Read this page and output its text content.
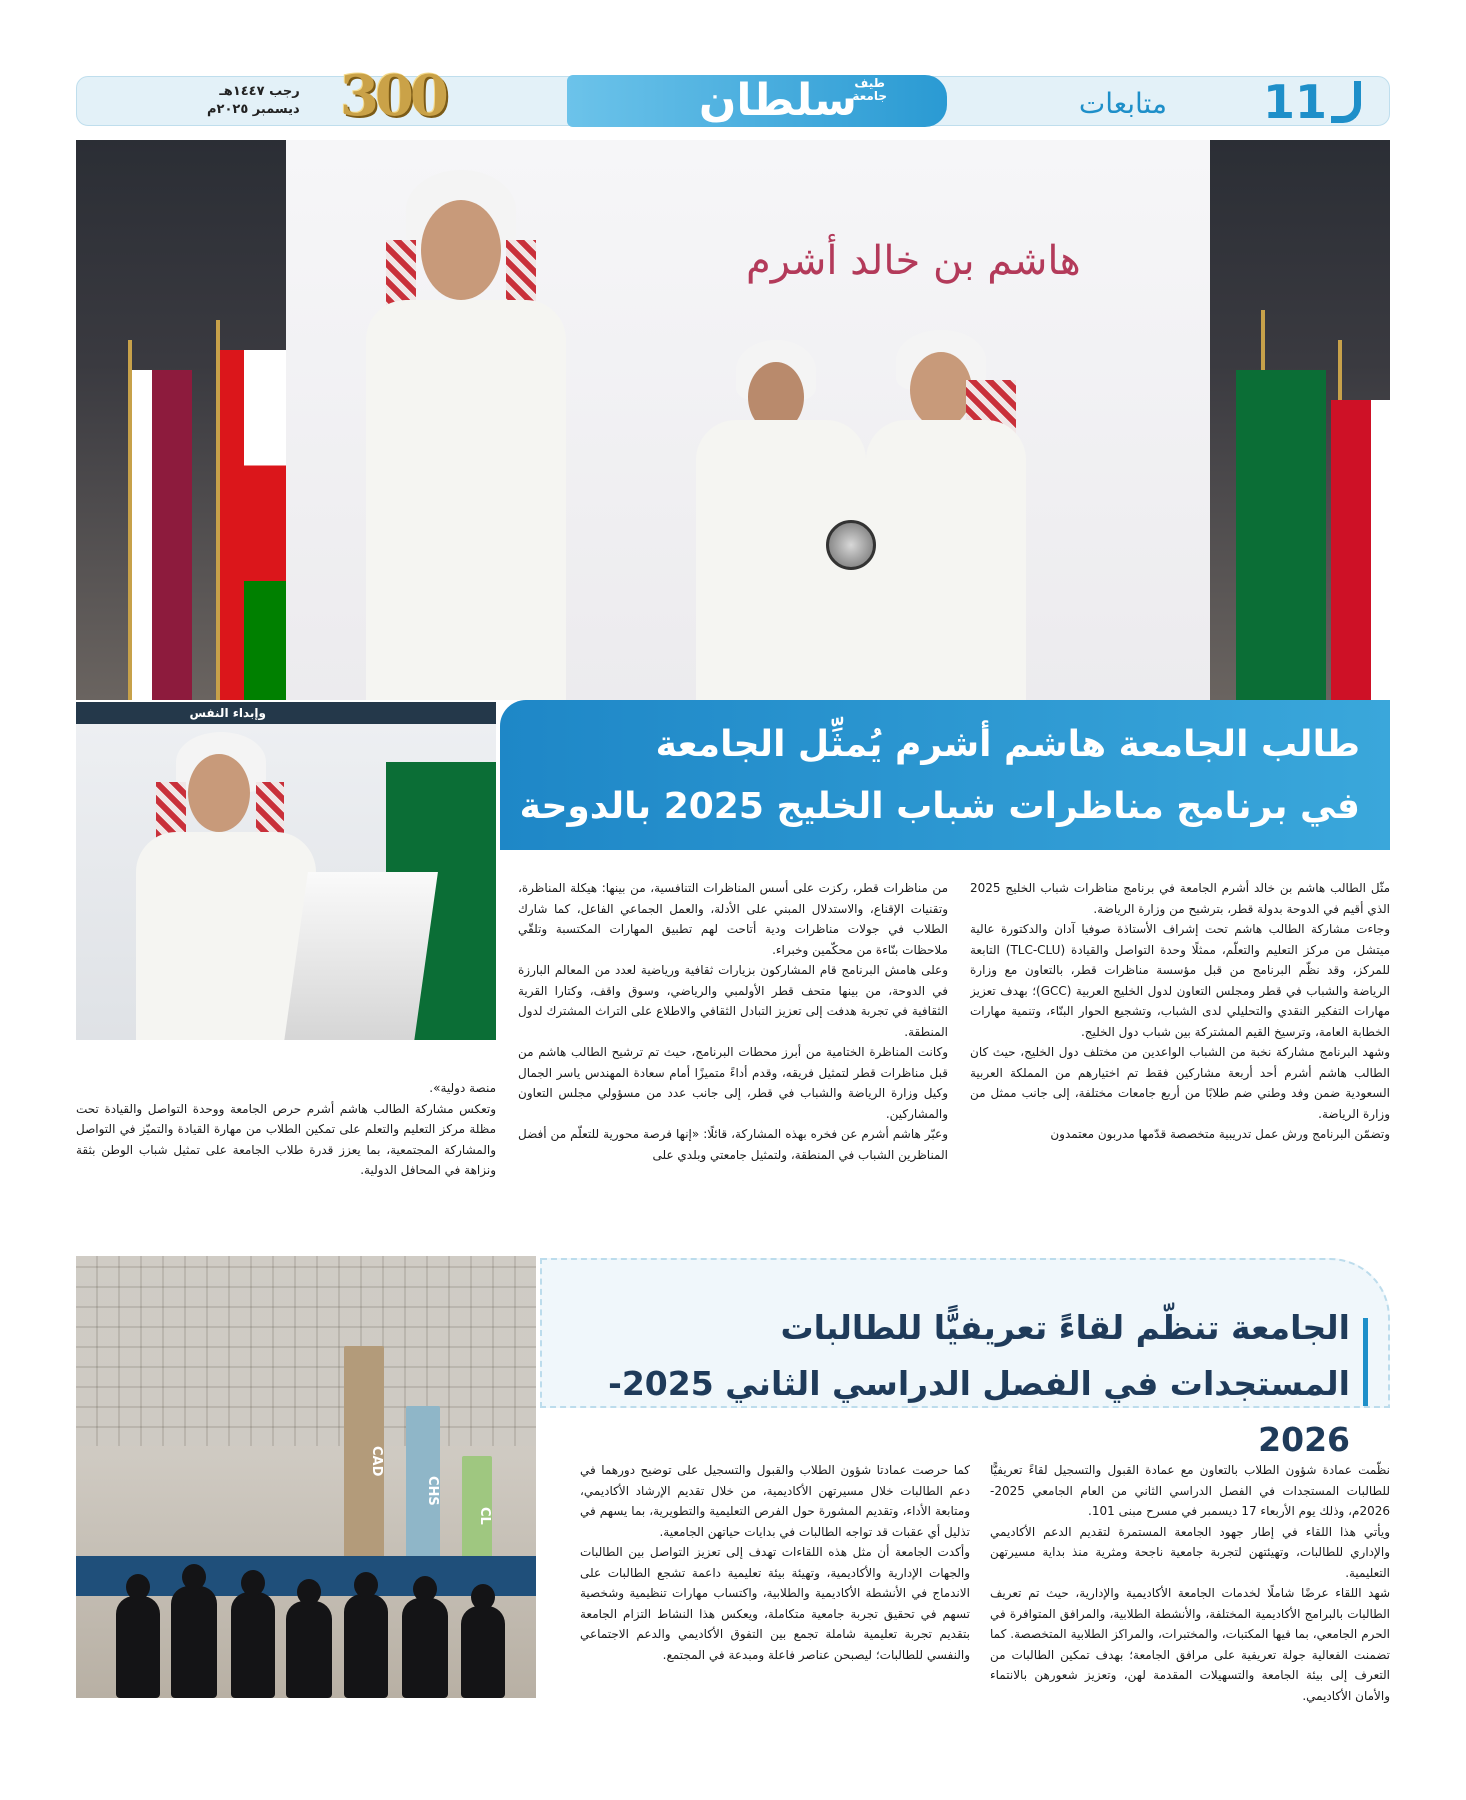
11
متابعات
سلطان
طيف
جامعة
300
رجب ١٤٤٧هـ
ديسمبر ٢٠٢٥م
هاشم بن خالد أشرم
وإبداء النفس
طالب الجامعة هاشم أشرم يُمثِّل الجامعة
في برنامج مناظرات شباب الخليج 2025 بالدوحة

مثّل الطالب هاشم بن خالد أشرم الجامعة في برنامج مناظرات شباب الخليج 2025 الذي أقيم في الدوحة بدولة قطر، بترشيح من وزارة الرياضة.

وجاءت مشاركة الطالب هاشم تحت إشراف الأستاذة صوفيا آدان والدكتورة عالية ميتشل من مركز التعليم والتعلّم، ممثلًا وحدة التواصل والقيادة (TLC-CLU) التابعة للمركز، وقد نظّم البرنامج من قبل مؤسسة مناظرات قطر، بالتعاون مع وزارة الرياضة والشباب في قطر ومجلس التعاون لدول الخليج العربية (GCC)؛ بهدف تعزيز مهارات التفكير النقدي والتحليلي لدى الشباب، وتشجيع الحوار البنّاء، وتنمية مهارات الخطابة العامة، وترسيخ القيم المشتركة بين شباب دول الخليج.

وشهد البرنامج مشاركة نخبة من الشباب الواعدين من مختلف دول الخليج، حيث كان الطالب هاشم أشرم أحد أربعة مشاركين فقط تم اختيارهم من المملكة العربية السعودية ضمن وفد وطني ضم طلابًا من أربع جامعات مختلفة، إلى جانب ممثل من وزارة الرياضة.

وتضمّن البرنامج ورش عمل تدريبية متخصصة قدّمها مدربون معتمدون

من مناظرات قطر، ركزت على أسس المناظرات التنافسية، من بينها: هيكلة المناظرة، وتقنيات الإقناع، والاستدلال المبني على الأدلة، والعمل الجماعي الفاعل، كما شارك الطلاب في جولات مناظرات ودية أتاحت لهم تطبيق المهارات المكتسبة وتلقّي ملاحظات بنّاءة من محكّمين وخبراء.

وعلى هامش البرنامج قام المشاركون بزيارات ثقافية ورياضية لعدد من المعالم البارزة في الدوحة، من بينها متحف قطر الأولمبي والرياضي، وسوق واقف، وكتارا القرية الثقافية في تجربة هدفت إلى تعزيز التبادل الثقافي والاطلاع على التراث المشترك لدول المنطقة.

وكانت المناظرة الختامية من أبرز محطات البرنامج، حيث تم ترشيح الطالب هاشم من قبل مناظرات قطر لتمثيل فريقه، وقدم أداءً متميزًا أمام سعادة المهندس ياسر الجمال وكيل وزارة الرياضة والشباب في قطر، إلى جانب عدد من مسؤولي مجلس التعاون والمشاركين.

وعبّر هاشم أشرم عن فخره بهذه المشاركة، قائلًا: «إنها فرصة محورية للتعلّم من أفضل المناظرين الشباب في المنطقة، ولتمثيل جامعتي وبلدي على

منصة دولية».

وتعكس مشاركة الطالب هاشم أشرم حرص الجامعة ووحدة التواصل والقيادة تحت مظلة مركز التعليم والتعلم على تمكين الطلاب من مهارة القيادة والتميّز في التواصل والمشاركة المجتمعية، بما يعزز قدرة طلاب الجامعة على تمثيل شباب الوطن بثقة ونزاهة في المحافل الدولية.

CAD
CHS
CL
الجامعة تنظّم لقاءً تعريفيًّا للطالبات
المستجدات في الفصل الدراسي الثاني 2025-2026

نظّمت عمادة شؤون الطلاب بالتعاون مع عمادة القبول والتسجيل لقاءً تعريفيًّا للطالبات المستجدات في الفصل الدراسي الثاني من العام الجامعي 2025-2026م، وذلك يوم الأربعاء 17 ديسمبر في مسرح مبنى 101.

ويأتي هذا اللقاء في إطار جهود الجامعة المستمرة لتقديم الدعم الأكاديمي والإداري للطالبات، وتهيئتهن لتجربة جامعية ناجحة ومثرية منذ بداية مسيرتهن التعليمية.

شهد اللقاء عرضًا شاملًا لخدمات الجامعة الأكاديمية والإدارية، حيث تم تعريف الطالبات بالبرامج الأكاديمية المختلفة، والأنشطة الطلابية، والمرافق المتوافرة في الحرم الجامعي، بما فيها المكتبات، والمختبرات، والمراكز الطلابية المتخصصة. كما تضمنت الفعالية جولة تعريفية على مرافق الجامعة؛ بهدف تمكين الطالبات من التعرف إلى بيئة الجامعة والتسهيلات المقدمة لهن، وتعزيز شعورهن بالانتماء والأمان الأكاديمي.

كما حرصت عمادتا شؤون الطلاب والقبول والتسجيل على توضيح دورهما في دعم الطالبات خلال مسيرتهن الأكاديمية، من خلال تقديم الإرشاد الأكاديمي، ومتابعة الأداء، وتقديم المشورة حول الفرص التعليمية والتطويرية، بما يسهم في تذليل أي عقبات قد تواجه الطالبات في بدايات حياتهن الجامعية.

وأكدت الجامعة أن مثل هذه اللقاءات تهدف إلى تعزيز التواصل بين الطالبات والجهات الإدارية والأكاديمية، وتهيئة بيئة تعليمية داعمة تشجع الطالبات على الاندماج في الأنشطة الأكاديمية والطلابية، واكتساب مهارات تنظيمية وشخصية تسهم في تحقيق تجربة جامعية متكاملة، ويعكس هذا النشاط التزام الجامعة بتقديم تجربة تعليمية شاملة تجمع بين التفوق الأكاديمي والدعم الاجتماعي والنفسي للطالبات؛ ليصبحن عناصر فاعلة ومبدعة في المجتمع.
